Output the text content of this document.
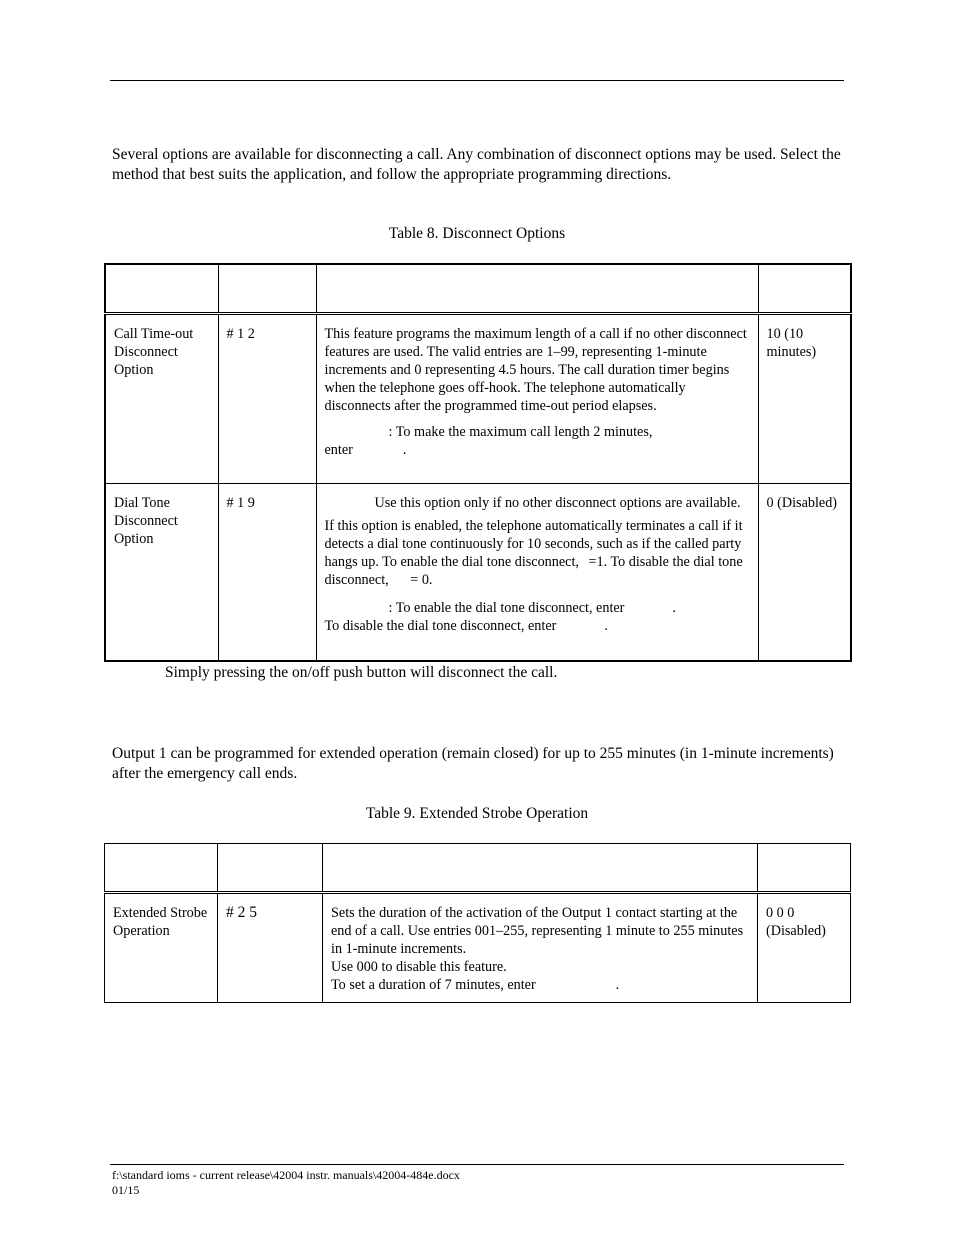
Several options are available for disconnecting a call. Any combination of disconnect options may be used. Select the method that best suits the application, and follow the appropriate programming directions.
Table 8. Disconnect Options

Call Time-out Disconnect Option	# 1 2	This feature programs the maximum length of a call if no other disconnect features are used. The valid entries are 1–99, representing 1-minute increments and 0 representing 4.5 hours. The call duration timer begins when the telephone goes off-hook. The telephone automatically disconnects after the programmed time-out period elapses.

: To make the maximum call length 2 minutes,
enter .	10 (10 minutes)

Dial Tone Disconnect Option	# 1 9	Use this option only if no other disconnect options are available.

If this option is enabled, the telephone automatically terminates a call if it detects a dial tone continuously for 10 seconds, such as if the called party hangs up. To enable the dial tone disconnect, =1. To disable the dial tone disconnect, = 0.

: To enable the dial tone disconnect, enter .
To disable the dial tone disconnect, enter .	0 (Disabled)
Simply pressing the on/off push button will disconnect the call.
Output 1 can be programmed for extended operation (remain closed) for up to 255 minutes (in 1-minute increments) after the emergency call ends.
Table 9. Extended Strobe Operation

Extended Strobe Operation	# 2 5	Sets the duration of the activation of the Output 1 contact starting at the end of a call. Use entries 001–255, representing 1 minute to 255 minutes in 1-minute increments.

Use 000 to disable this feature.

To set a duration of 7 minutes, enter .	0 0 0 (Disabled)
f:\standard ioms - current release\42004 instr. manuals\42004-484e.docx
01/15
